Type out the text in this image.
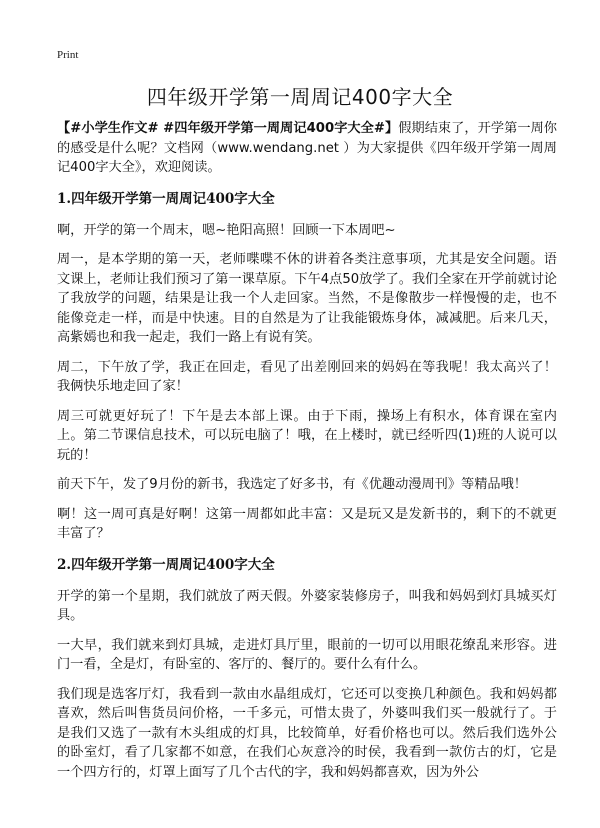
Print
四年级开学第一周周记400字大全

【#小学生作文# #四年级开学第一周周记400字大全#】假期结束了，开学第一周你的感受是什么呢？文档网（www.wendang.net ）为大家提供《四年级开学第一周周记400字大全》，欢迎阅读。

1.四年级开学第一周周记400字大全

啊，开学的第一个周末，嗯~艳阳高照！回顾一下本周吧~

周一，是本学期的第一天，老师喋喋不休的讲着各类注意事项，尤其是安全问题。语文课上，老师让我们预习了第一课草原。下午4点50放学了。我们全家在开学前就讨论了我放学的问题，结果是让我一个人走回家。当然，不是像散步一样慢慢的走，也不能像竞走一样，而是中快速。目的自然是为了让我能锻炼身体，减减肥。后来几天，高紫嫣也和我一起走，我们一路上有说有笑。

周二，下午放了学，我正在回走，看见了出差刚回来的妈妈在等我呢！我太高兴了！我俩快乐地走回了家！

周三可就更好玩了！下午是去本部上课。由于下雨，操场上有积水，体育课在室内上。第二节课信息技术，可以玩电脑了！哦，在上楼时，就已经听四(1)班的人说可以玩的！

前天下午，发了9月份的新书，我选定了好多书，有《优趣动漫周刊》等精品哦！

啊！这一周可真是好啊！这第一周都如此丰富：又是玩又是发新书的，剩下的不就更丰富了？

2.四年级开学第一周周记400字大全

开学的第一个星期，我们就放了两天假。外婆家装修房子，叫我和妈妈到灯具城买灯具。

一大早，我们就来到灯具城，走进灯具厅里，眼前的一切可以用眼花缭乱来形容。进门一看，全是灯，有卧室的、客厅的、餐厅的。要什么有什么。

我们现是选客厅灯，我看到一款由水晶组成灯，它还可以变换几种颜色。我和妈妈都喜欢，然后叫售货员问价格，一千多元，可惜太贵了，外婆叫我们买一般就行了。于是我们又选了一款有木头组成的灯具，比较简单，好看价格也可以。然后我们选外公的卧室灯，看了几家都不如意，在我们心灰意冷的时侯，我看到一款仿古的灯，它是一个四方行的，灯罩上面写了几个古代的字，我和妈妈都喜欢，因为外公
